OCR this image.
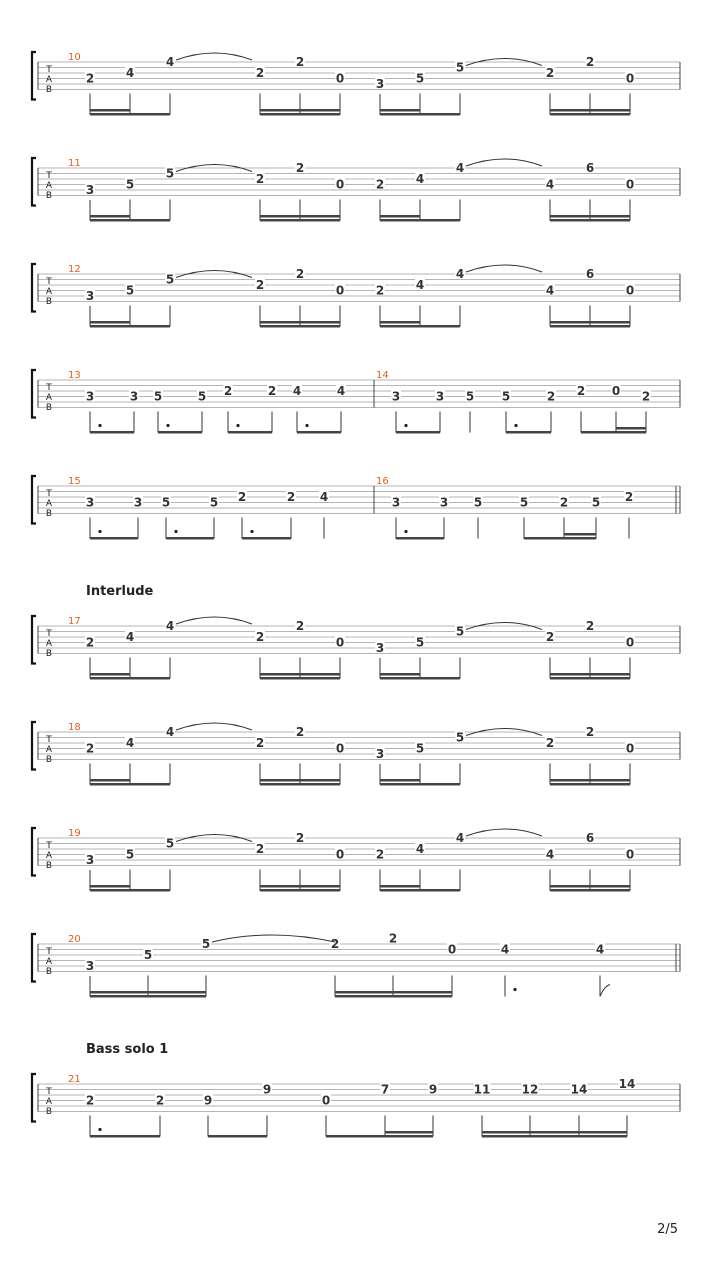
T
A
B
10
2	4
4
2
2
0	3	5
5	2
2
0
T
A
B
11
3	5
5	2
2
0	2	4
4
4
6
0
T
A
B
12
3	5
5	2
2
0	2	4
4
4
6
0
T
A
B
13
3	3 5	5 2	2 4	4
14
3	3 5 5	2 2 0 2
T
A
B
15
3	3 5	5 2	2 4
16
3	3 5	5	2 5 2
T
A
B
17
2	4
4
2
2
0	3	5
5	2
2
0
T
A
B
18
2	4
4
2
2
0	3	5
5	2
2
0
T
A
B
19
3	5
5	2
2
0	2	4
4
4
6
0
T
A
B
20
3
5
5	2	2
0	4	4
T
A
B
21
2	2	9
9
0
7	9	11	12	14	14
Interlude
Bass solo 1
2/5
